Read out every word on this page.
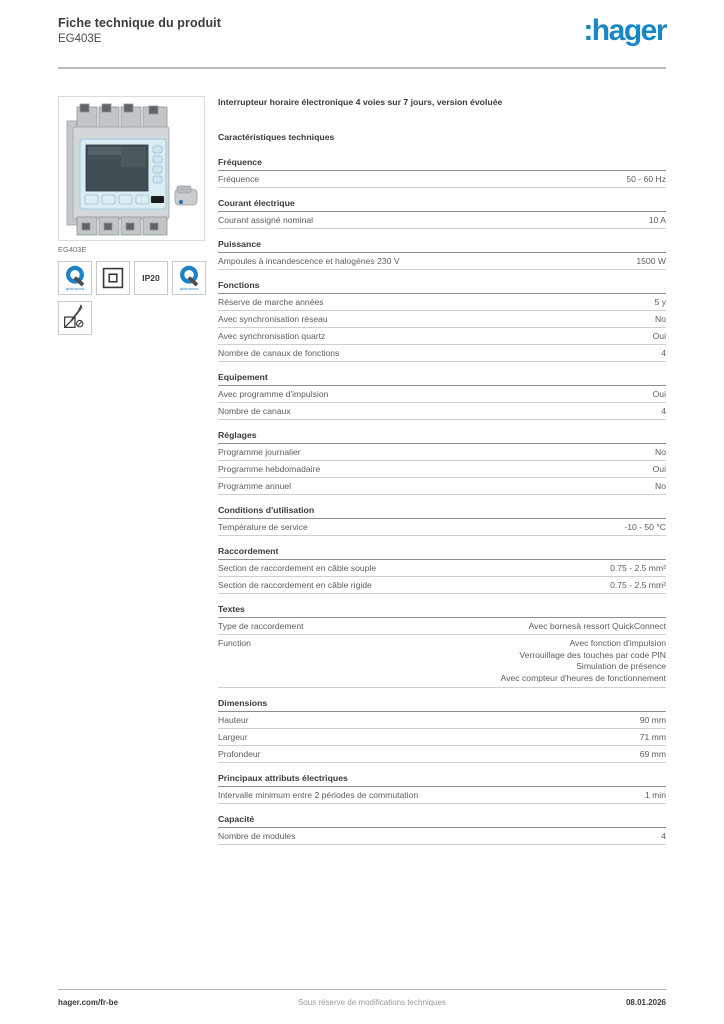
Fiche technique du produit
EG403E	:hager
EG403E
quickconnect
IP20
quickconnect
Interrupteur horaire électronique 4 voies sur 7 jours, version évoluée
Caractéristiques techniques
Fréquence
Fréquence	50 - 60 Hz
Courant électrique
Courant assigné nominal	10 A
Puissance
Ampoules à incandescence et halogènes 230 V	1500 W
Fonctions
Réserve de marche années	5 y
Avec synchronisation réseau	No
Avec synchronisation quartz	Oui
Nombre de canaux de fonctions	4
Equipement
Avec programme d'impulsion	Oui
Nombre de canaux	4
Réglages
Programme journalier	No
Programme hebdomadaire	Oui
Programme annuel	No
Conditions d'utilisation
Température de service	-10 - 50 °C
Raccordement
Section de raccordement en câble souple	0.75 - 2.5 mm²
Section de raccordement en câble rigide	0.75 - 2.5 mm²
Textes
Type de raccordement	Avec bornesà ressort QuickConnect
Function	Avec fonction d'impulsion
Verrouillage des touches par code PIN
Simulation de présence
Avec compteur d'heures de fonctionnement
Dimensions
Hauteur	90 mm
Largeur	71 mm
Profondeur	69 mm
Principaux attributs électriques
Intervalle minimum entre 2 périodes de commutation	1 min
Capacité
Nombre de modules	4
hager.com/fr-be	Sous réserve de modifications techniques	08.01.2026
